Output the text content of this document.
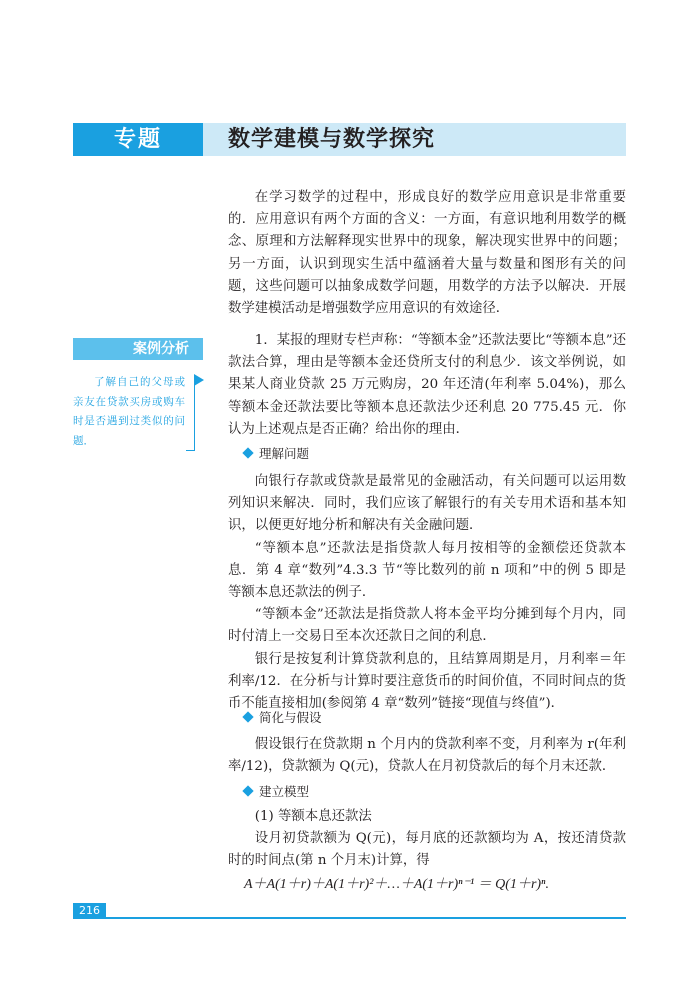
专题	数学建模与数学探究

在学习数学的过程中，形成良好的数学应用意识是非常重要的．应用意识有两个方面的含义：一方面，有意识地利用数学的概念、原理和方法解释现实世界中的现象，解决现实世界中的问题；另一方面，认识到现实生活中蕴涵着大量与数量和图形有关的问题，这些问题可以抽象成数学问题，用数学的方法予以解决．开展数学建模活动是增强数学应用意识的有效途径．

案例分析
了解自己的父母或亲友在贷款买房或购车时是否遇到过类似的问题．

1．某报的理财专栏声称：“等额本金”还款法要比“等额本息”还款法合算，理由是等额本金还贷所支付的利息少．该文举例说，如果某人商业贷款 25 万元购房，20 年还清(年利率 5.04%)，那么等额本金还款法要比等额本息还款法少还利息 20 775.45 元．你认为上述观点是否正确？给出你的理由．

理解问题

向银行存款或贷款是最常见的金融活动，有关问题可以运用数列知识来解决．同时，我们应该了解银行的有关专用术语和基本知识，以便更好地分析和解决有关金融问题．

“等额本息”还款法是指贷款人每月按相等的金额偿还贷款本息．第 4 章“数列”4.3.3 节“等比数列的前 n 项和”中的例 5 即是等额本息还款法的例子．

“等额本金”还款法是指贷款人将本金平均分摊到每个月内，同时付清上一交易日至本次还款日之间的利息．

银行是按复利计算贷款利息的，且结算周期是月，月利率＝年利率/12．在分析与计算时要注意货币的时间价值，不同时间点的货币不能直接相加(参阅第 4 章“数列”链接“现值与终值”)．

简化与假设

假设银行在贷款期 n 个月内的贷款利率不变，月利率为 r(年利率/12)，贷款额为 Q(元)，贷款人在月初贷款后的每个月末还款．

建立模型

(1) 等额本息还款法

设月初贷款额为 Q(元)，每月底的还款额均为 A，按还清贷款时的时间点(第 n 个月末)计算，得

A＋A(1＋r)＋A(1＋r)²＋…＋A(1＋r)ⁿ⁻¹ ＝ Q(1＋r)ⁿ.
216
